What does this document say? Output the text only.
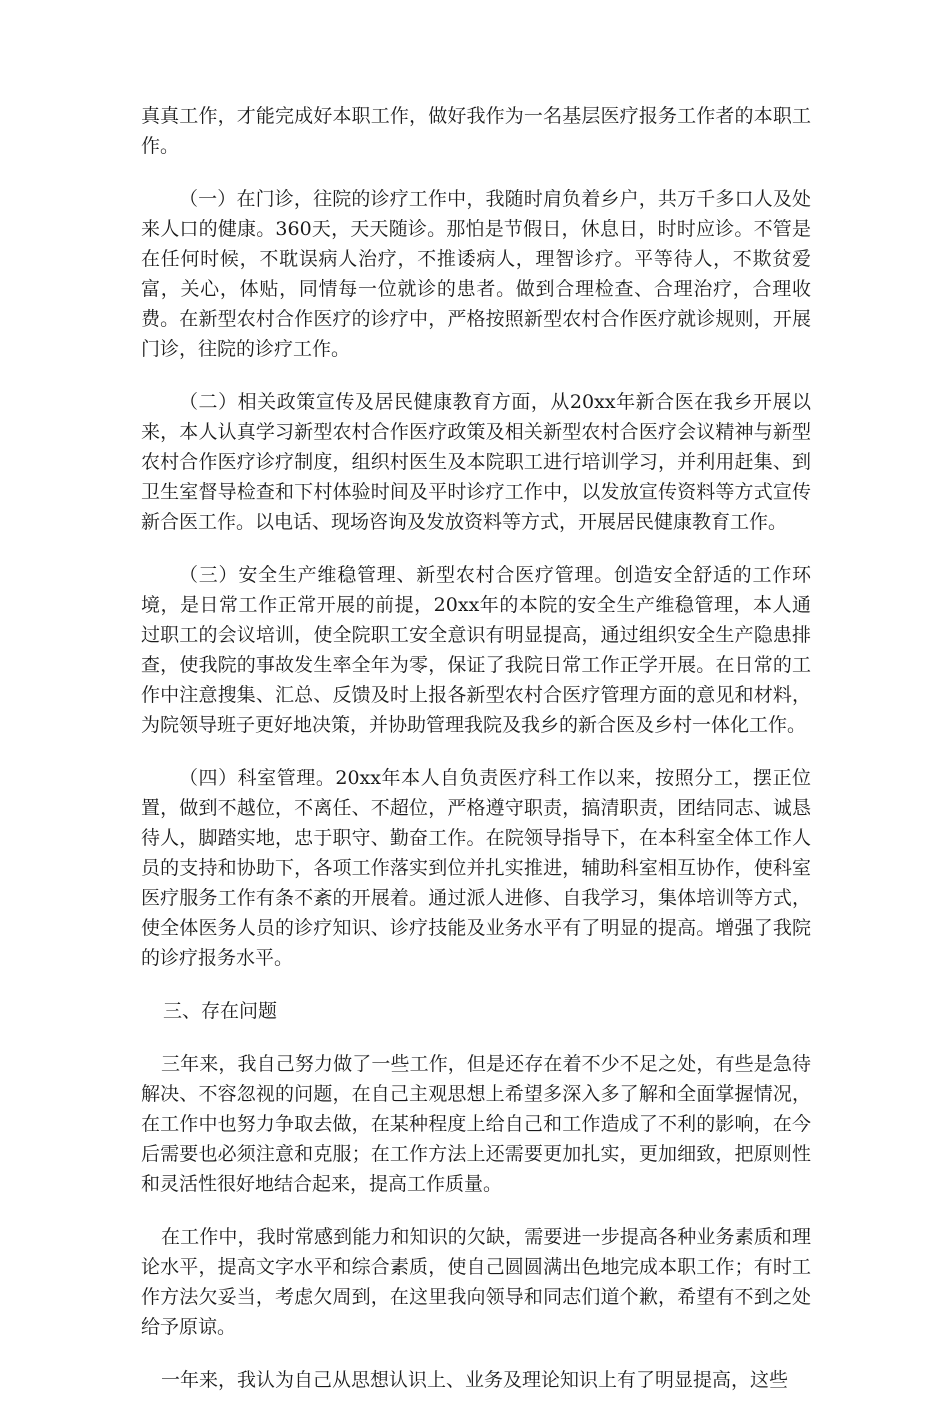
真真工作，才能完成好本职工作，做好我作为一名基层医疗报务工作者的本职工作。

（一）在门诊，往院的诊疗工作中，我随时肩负着乡户，共万千多口人及处来人口的健康。360天，天天随诊。那怕是节假日，休息日，时时应诊。不管是在任何时候，不耽误病人治疗，不推诿病人，理智诊疗。平等待人，不欺贫爱富，关心，体贴，同情每一位就诊的患者。做到合理检查、合理治疗，合理收费。在新型农村合作医疗的诊疗中，严格按照新型农村合作医疗就诊规则，开展门诊，往院的诊疗工作。

（二）相关政策宣传及居民健康教育方面，从20xx年新合医在我乡开展以来，本人认真学习新型农村合作医疗政策及相关新型农村合医疗会议精神与新型农村合作医疗诊疗制度，组织村医生及本院职工进行培训学习，并利用赶集、到卫生室督导检查和下村体验时间及平时诊疗工作中，以发放宣传资料等方式宣传新合医工作。以电话、现场咨询及发放资料等方式，开展居民健康教育工作。

（三）安全生产维稳管理、新型农村合医疗管理。创造安全舒适的工作环境，是日常工作正常开展的前提，20xx年的本院的安全生产维稳管理，本人通过职工的会议培训，使全院职工安全意识有明显提高，通过组织安全生产隐患排查，使我院的事故发生率全年为零，保证了我院日常工作正学开展。在日常的工作中注意搜集、汇总、反馈及时上报各新型农村合医疗管理方面的意见和材料，为院领导班子更好地决策，并协助管理我院及我乡的新合医及乡村一体化工作。

（四）科室管理。20xx年本人自负责医疗科工作以来，按照分工，摆正位置，做到不越位，不离任、不超位，严格遵守职责，搞清职责，团结同志、诚恳待人，脚踏实地，忠于职守、勤奋工作。在院领导指导下，在本科室全体工作人员的支持和协助下，各项工作落实到位并扎实推进，辅助科室相互协作，使科室医疗服务工作有条不紊的开展着。通过派人进修、自我学习，集体培训等方式，使全体医务人员的诊疗知识、诊疗技能及业务水平有了明显的提高。增强了我院的诊疗报务水平。

三、存在问题

三年来，我自己努力做了一些工作，但是还存在着不少不足之处，有些是急待解决、不容忽视的问题，在自己主观思想上希望多深入多了解和全面掌握情况，在工作中也努力争取去做，在某种程度上给自己和工作造成了不利的影响，在今后需要也必须注意和克服；在工作方法上还需要更加扎实，更加细致，把原则性和灵活性很好地结合起来，提高工作质量。

在工作中，我时常感到能力和知识的欠缺，需要进一步提高各种业务素质和理论水平，提高文字水平和综合素质，使自己圆圆满出色地完成本职工作；有时工作方法欠妥当，考虑欠周到，在这里我向领导和同志们道个歉，希望有不到之处给予原谅。

一年来，我认为自己从思想认识上、业务及理论知识上有了明显提高，这些
